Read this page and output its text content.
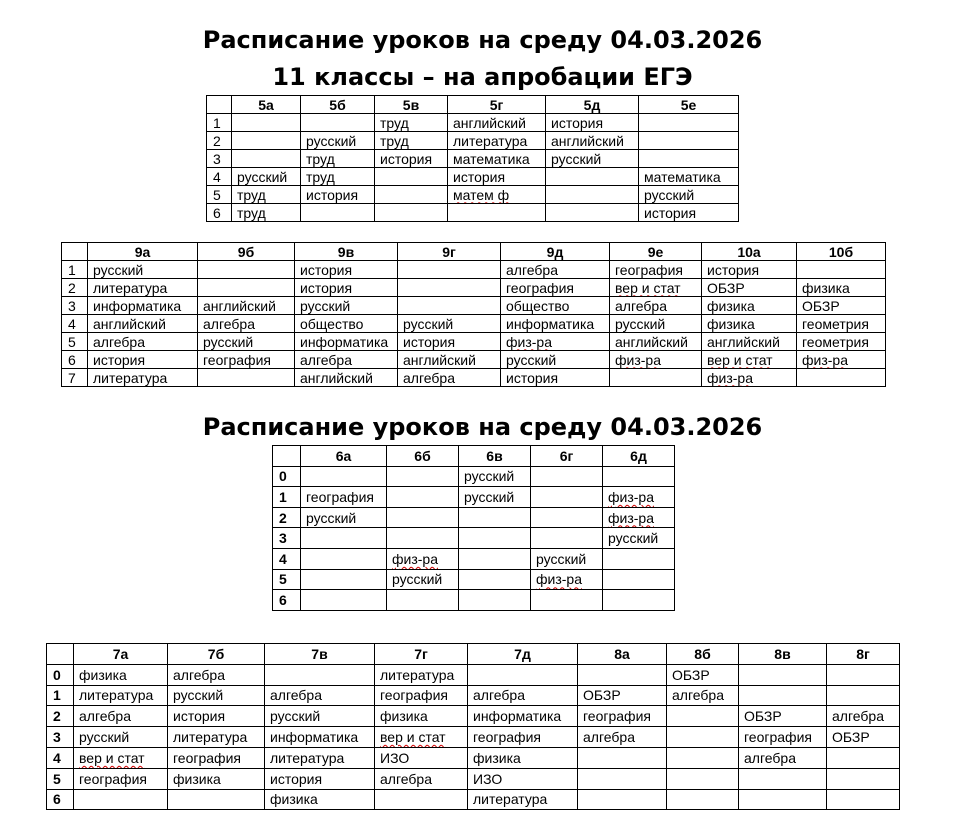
Расписание уроков на среду 04.03.2026
11 классы – на апробации ЕГЭ
	5а	5б	5в	5г	5д	5е
1			труд	английский	история	
2		русский	труд	литература	английский	
3		труд	история	математика	русский	
4	русский	труд		история		математика
5	труд	история		матем ф		русский
6	труд					история
	9а	9б	9в	9г	9д	9е	10а	10б
1	русский		история		алгебра	география	история	
2	литература		история		география	вер и стат	ОБЗР	физика
3	информатика	английский	русский		общество	алгебра	физика	ОБЗР
4	английский	алгебра	общество	русский	информатика	русский	физика	геометрия
5	алгебра	русский	информатика	история	физ-ра	английский	английский	геометрия
6	история	география	алгебра	английский	русский	физ-ра	вер и стат	физ-ра
7	литература		английский	алгебра	история		физ-ра	
Расписание уроков на среду 04.03.2026
	6а	6б	6в	6г	6д
0			русский		
1	география		русский		физ-ра
2	русский				физ-ра
3					русский
4		физ-ра		русский	
5		русский		физ-ра	
6					
	7а	7б	7в	7г	7д	8а	8б	8в	8г
0	физика	алгебра		литература			ОБЗР		
1	литература	русский	алгебра	география	алгебра	ОБЗР	алгебра		
2	алгебра	история	русский	физика	информатика	география		ОБЗР	алгебра
3	русский	литература	информатика	вер и стат	география	алгебра		география	ОБЗР
4	вер и стат	география	литература	ИЗО	физика			алгебра	
5	география	физика	история	алгебра	ИЗО				
6			физика		литература				
